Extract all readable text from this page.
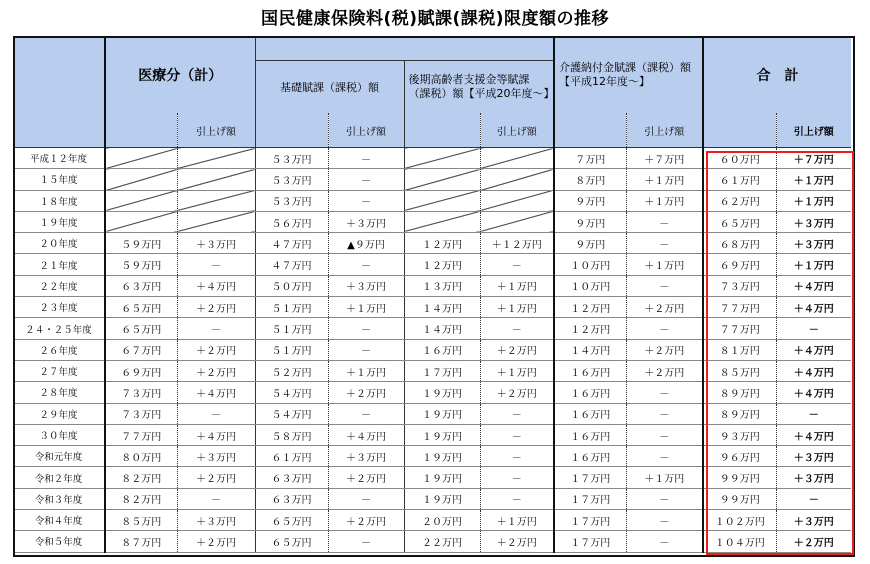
国民健康保険料(税)賦課(課税)限度額の推移
	医療分（計）						介護納付金賦課（課税）額【平成12年度～】		合　計	
			基礎賦課（課税）額		後期高齢者支援金等賦課（課税）額【平成20年度～】					
		引上げ額		引上げ額		引上げ額		引上げ額		引上げ額
平成１２年度			５３万円	－			７万円	＋７万円	６０万円	＋７万円
１５年度			５３万円	－			８万円	＋１万円	６１万円	＋１万円
１８年度			５３万円	－			９万円	＋１万円	６２万円	＋１万円
１９年度			５６万円	＋３万円			９万円	－	６５万円	＋３万円
２０年度	５９万円	＋３万円	４７万円	▲９万円	１２万円	＋１２万円	９万円	－	６８万円	＋３万円
２１年度	５９万円	－	４７万円	－	１２万円	－	１０万円	＋１万円	６９万円	＋１万円
２２年度	６３万円	＋４万円	５０万円	＋３万円	１３万円	＋１万円	１０万円	－	７３万円	＋４万円
２３年度	６５万円	＋２万円	５１万円	＋１万円	１４万円	＋１万円	１２万円	＋２万円	７７万円	＋４万円
２４・２５年度	６５万円	－	５１万円	－	１４万円	－	１２万円	－	７７万円	－
２６年度	６７万円	＋２万円	５１万円	－	１６万円	＋２万円	１４万円	＋２万円	８１万円	＋４万円
２７年度	６９万円	＋２万円	５２万円	＋１万円	１７万円	＋１万円	１６万円	＋２万円	８５万円	＋４万円
２８年度	７３万円	＋４万円	５４万円	＋２万円	１９万円	＋２万円	１６万円	－	８９万円	＋４万円
２９年度	７３万円	－	５４万円	－	１９万円	－	１６万円	－	８９万円	－
３０年度	７７万円	＋４万円	５８万円	＋４万円	１９万円	－	１６万円	－	９３万円	＋４万円
令和元年度	８０万円	＋３万円	６１万円	＋３万円	１９万円	－	１６万円	－	９６万円	＋３万円
令和２年度	８２万円	＋２万円	６３万円	＋２万円	１９万円	－	１７万円	＋１万円	９９万円	＋３万円
令和３年度	８２万円	－	６３万円	－	１９万円	－	１７万円	－	９９万円	－
令和４年度	８５万円	＋３万円	６５万円	＋２万円	２０万円	＋１万円	１７万円	－	１０２万円	＋３万円
令和５年度	８７万円	＋２万円	６５万円	－	２２万円	＋２万円	１７万円	－	１０４万円	＋２万円
